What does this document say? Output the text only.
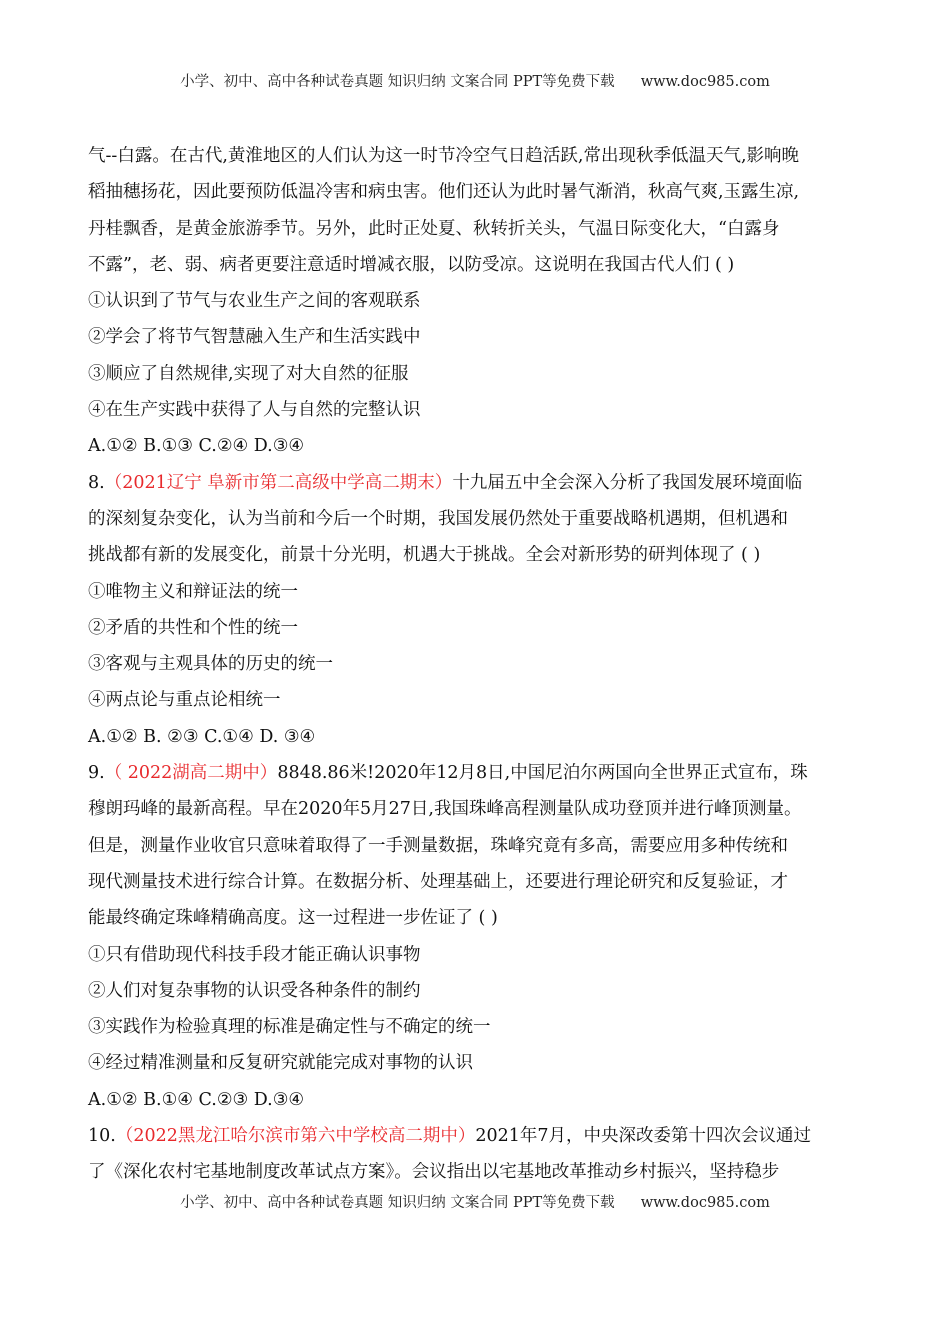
小学、初中、高中各种试卷真题 知识归纳 文案合同 PPT等免费下载 www.doc985.com
气--白露。在古代,黄淮地区的人们认为这一时节冷空气日趋活跃,常出现秋季低温天气,影响晚
稻抽穗扬花，因此要预防低温冷害和病虫害。他们还认为此时暑气渐消，秋高气爽,玉露生凉,
丹桂飘香，是黄金旅游季节。另外，此时正处夏、秋转折关头，气温日际变化大，“白露身
不露”，老、弱、病者更要注意适时增减衣服，以防受凉。这说明在我国古代人们 ( )
①认识到了节气与农业生产之间的客观联系
②学会了将节气智慧融入生产和生活实践中
③顺应了自然规律,实现了对大自然的征服
④在生产实践中获得了人与自然的完整认识
A.①② B.①③ C.②④ D.③④
8.（2021辽宁 阜新市第二高级中学高二期末）十九届五中全会深入分析了我国发展环境面临
的深刻复杂变化，认为当前和今后一个时期，我国发展仍然处于重要战略机遇期，但机遇和
挑战都有新的发展变化，前景十分光明，机遇大于挑战。全会对新形势的研判体现了 ( )
①唯物主义和辩证法的统一
②矛盾的共性和个性的统一
③客观与主观具体的历史的统一
④两点论与重点论相统一
A.①② B. ②③ C.①④ D. ③④
9.（ 2022湖高二期中）8848.86米!2020年12月8日,中国尼泊尔两国向全世界正式宣布，珠
穆朗玛峰的最新高程。早在2020年5月27日,我国珠峰高程测量队成功登顶并进行峰顶测量。
但是，测量作业收官只意味着取得了一手测量数据，珠峰究竟有多高，需要应用多种传统和
现代测量技术进行综合计算。在数据分析、处理基础上，还要进行理论研究和反复验证，才
能最终确定珠峰精确高度。这一过程进一步佐证了 ( )
①只有借助现代科技手段才能正确认识事物
②人们对复杂事物的认识受各种条件的制约
③实践作为检验真理的标准是确定性与不确定的统一
④经过精准测量和反复研究就能完成对事物的认识
A.①② B.①④ C.②③ D.③④
10.（2022黑龙江哈尔滨市第六中学校高二期中）2021年7月，中央深改委第十四次会议通过
了《深化农村宅基地制度改革试点方案》。会议指出以宅基地改革推动乡村振兴，坚持稳步
小学、初中、高中各种试卷真题 知识归纳 文案合同 PPT等免费下载 www.doc985.com
